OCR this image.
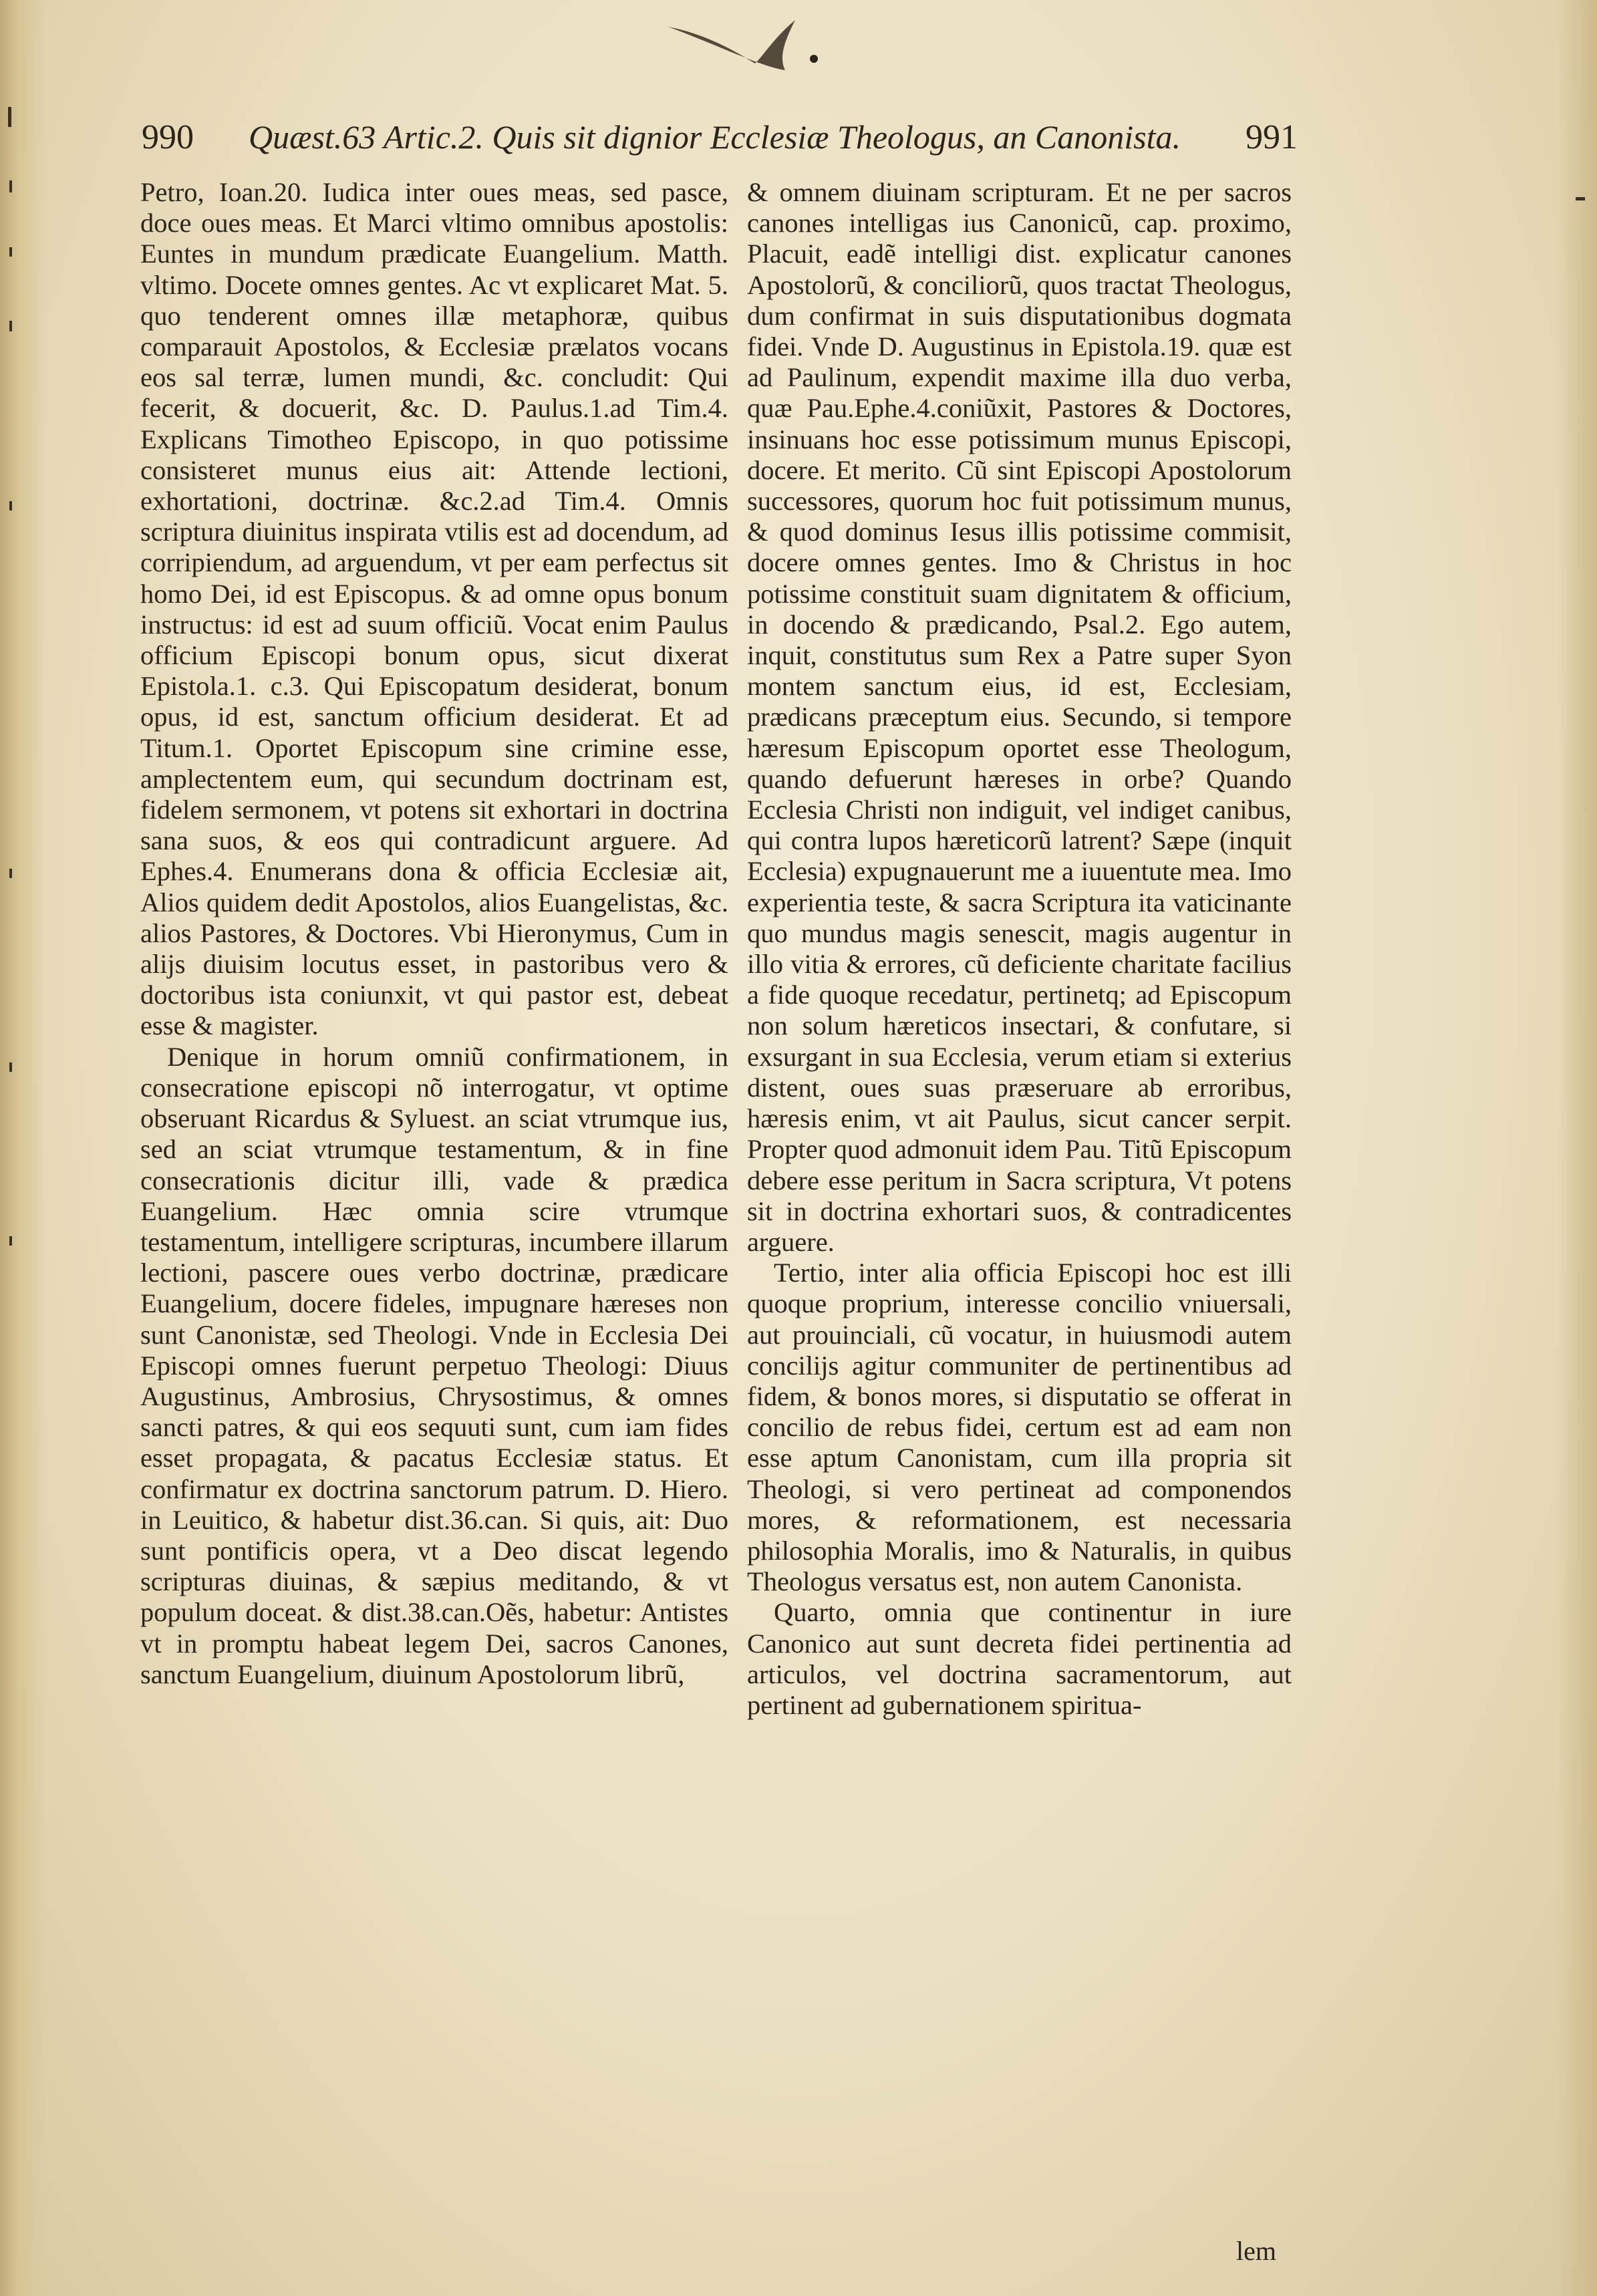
990 Quæst.63 Artic.2. Quis sit dignior Ecclesiæ Theologus, an Canonista. 991

Petro, Ioan.20. Iudica inter oues meas, sed pasce, doce oues meas. Et Marci vltimo omnibus apostolis: Euntes in mundum prædicate Euangelium. Matth. vltimo. Docete omnes gentes. Ac vt explicaret Mat. 5. quo tenderent omnes illæ metaphoræ, quibus comparauit Apostolos, & Ecclesiæ prælatos vocans eos sal terræ, lumen mundi, &c. concludit: Qui fecerit, & docuerit, &c. D. Paulus.1.ad Tim.4. Explicans Timotheo Episcopo, in quo potissime consisteret munus eius ait: Attende lectioni, exhortationi, doctrinæ. &c.2.ad Tim.4. Omnis scriptura diuinitus inspirata vtilis est ad docendum, ad corripiendum, ad arguendum, vt per eam perfectus sit homo Dei, id est Episcopus. & ad omne opus bonum instructus: id est ad suum officiũ. Vocat enim Paulus officium Episcopi bonum opus, sicut dixerat Epistola.1. c.3. Qui Episcopatum desiderat, bonum opus, id est, sanctum officium desiderat. Et ad Titum.1. Oportet Episcopum sine crimine esse, amplectentem eum, qui secundum doctrinam est, fidelem sermonem, vt potens sit exhortari in doctrina sana suos, & eos qui contradicunt arguere. Ad Ephes.4. Enumerans dona & officia Ecclesiæ ait, Alios quidem dedit Apostolos, alios Euangelistas, &c. alios Pastores, & Doctores. Vbi Hieronymus, Cum in alijs diuisim locutus esset, in pastoribus vero & doctoribus ista coniunxit, vt qui pastor est, debeat esse & magister.

Denique in horum omniũ confirmationem, in consecratione episcopi nõ interrogatur, vt optime obseruant Ricardus & Syluest. an sciat vtrumque ius, sed an sciat vtrumque testamentum, & in fine consecrationis dicitur illi, vade & prædica Euangelium. Hæc omnia scire vtrumque testamentum, intelligere scripturas, incumbere illarum lectioni, pascere oues verbo doctrinæ, prædicare Euangelium, docere fideles, impugnare hæreses non sunt Canonistæ, sed Theologi. Vnde in Ecclesia Dei Episcopi omnes fuerunt perpetuo Theologi: Diuus Augustinus, Ambrosius, Chrysostimus, & omnes sancti patres, & qui eos sequuti sunt, cum iam fides esset propagata, & pacatus Ecclesiæ status. Et confirmatur ex doctrina sanctorum patrum. D. Hiero. in Leuitico, & habetur dist.36.can. Si quis, ait: Duo sunt pontificis opera, vt a Deo discat legendo scripturas diuinas, & sæpius meditando, & vt populum doceat. & dist.38.can.Oẽs, habetur: Antistes vt in promptu habeat legem Dei, sacros Canones, sanctum Euangelium, diuinum Apostolorum librũ,

& omnem diuinam scripturam. Et ne per sacros canones intelligas ius Canonicũ, cap. proximo, Placuit, eadẽ intelligi dist. explicatur canones Apostolorũ, & conciliorũ, quos tractat Theologus, dum confirmat in suis disputationibus dogmata fidei. Vnde D. Augustinus in Epistola.19. quæ est ad Paulinum, expendit maxime illa duo verba, quæ Pau.Ephe.4.coniũxit, Pastores & Doctores, insinuans hoc esse potissimum munus Episcopi, docere. Et merito. Cũ sint Episcopi Apostolorum successores, quorum hoc fuit potissimum munus, & quod dominus Iesus illis potissime commisit, docere omnes gentes. Imo & Christus in hoc potissime constituit suam dignitatem & officium, in docendo & prædicando, Psal.2. Ego autem, inquit, constitutus sum Rex a Patre super Syon montem sanctum eius, id est, Ecclesiam, prædicans præceptum eius. Secundo, si tempore hæresum Episcopum oportet esse Theologum, quando defuerunt hæreses in orbe? Quando Ecclesia Christi non indiguit, vel indiget canibus, qui contra lupos hæreticorũ latrent? Sæpe (inquit Ecclesia) expugnauerunt me a iuuentute mea. Imo experientia teste, & sacra Scriptura ita vaticinante quo mundus magis senescit, magis augentur in illo vitia & errores, cũ deficiente charitate facilius a fide quoque recedatur, pertinetq; ad Episcopum non solum hæreticos insectari, & confutare, si exsurgant in sua Ecclesia, verum etiam si exterius distent, oues suas præseruare ab erroribus, hæresis enim, vt ait Paulus, sicut cancer serpit. Propter quod admonuit idem Pau. Titũ Episcopum debere esse peritum in Sacra scriptura, Vt potens sit in doctrina exhortari suos, & contradicentes arguere.

Tertio, inter alia officia Episcopi hoc est illi quoque proprium, interesse concilio vniuersali, aut prouinciali, cũ vocatur, in huiusmodi autem concilijs agitur communiter de pertinentibus ad fidem, & bonos mores, si disputatio se offerat in concilio de rebus fidei, certum est ad eam non esse aptum Canonistam, cum illa propria sit Theologi, si vero pertineat ad componendos mores, & reformationem, est necessaria philosophia Moralis, imo & Naturalis, in quibus Theologus versatus est, non autem Canonista.

Quarto, omnia que continentur in iure Canonico aut sunt decreta fidei pertinentia ad articulos, vel doctrina sacramentorum, aut pertinent ad gubernationem spiritua-

lem
